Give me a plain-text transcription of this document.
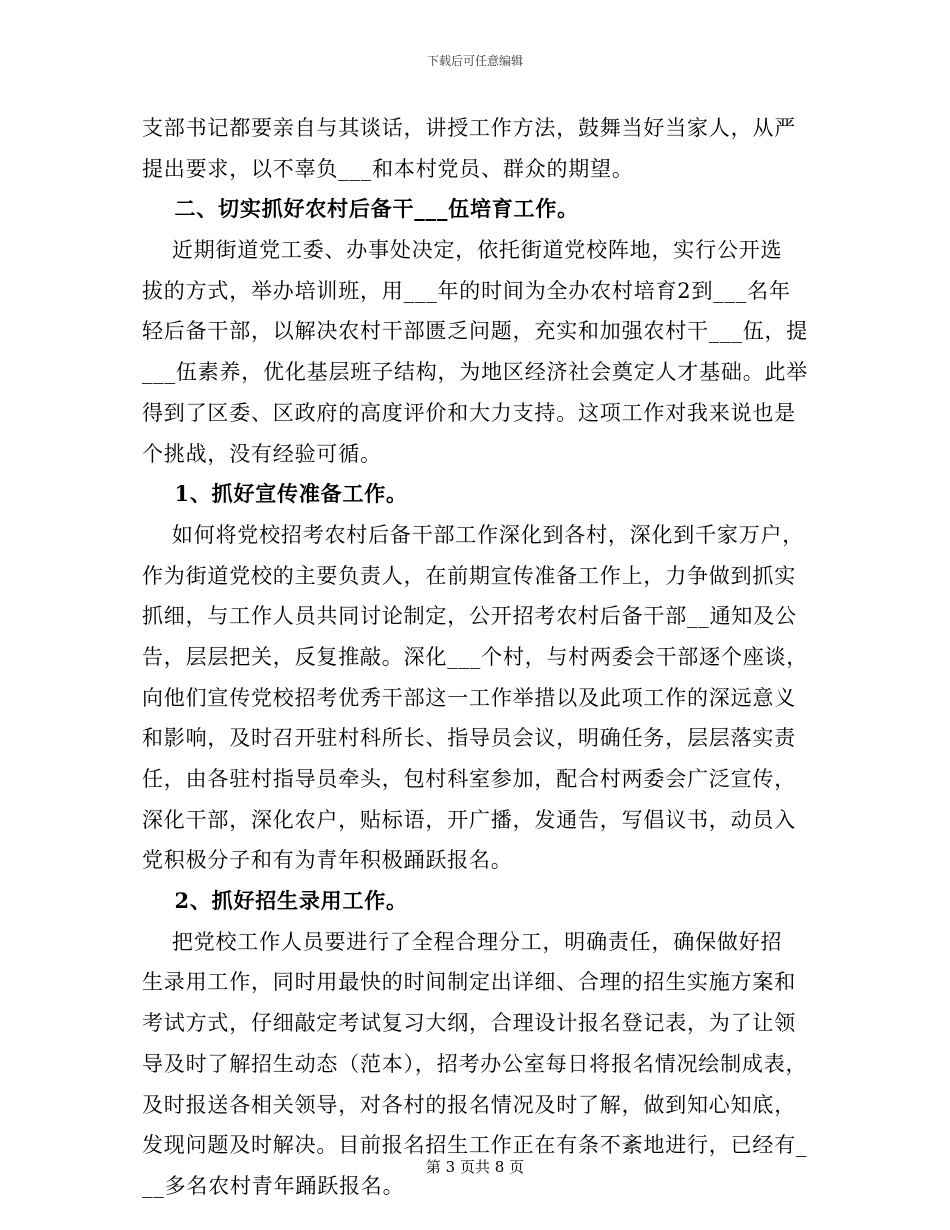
下载后可任意编辑
支部书记都要亲自与其谈话，讲授工作方法，鼓舞当好当家人，从严
提出要求，以不辜负___和本村党员、群众的期望。
二、切实抓好农村后备干___伍培育工作。
近期街道党工委、办事处决定，依托街道党校阵地，实行公开选
拔的方式，举办培训班，用___年的时间为全办农村培育2到___名年
轻后备干部，以解决农村干部匮乏问题，充实和加强农村干___伍，提
___伍素养，优化基层班子结构，为地区经济社会奠定人才基础。此举
得到了区委、区政府的高度评价和大力支持。这项工作对我来说也是
个挑战，没有经验可循。
1、抓好宣传准备工作。
如何将党校招考农村后备干部工作深化到各村，深化到千家万户，
作为街道党校的主要负责人，在前期宣传准备工作上，力争做到抓实
抓细，与工作人员共同讨论制定，公开招考农村后备干部__通知及公
告，层层把关，反复推敲。深化___个村，与村两委会干部逐个座谈，
向他们宣传党校招考优秀干部这一工作举措以及此项工作的深远意义
和影响，及时召开驻村科所长、指导员会议，明确任务，层层落实责
任，由各驻村指导员牵头，包村科室参加，配合村两委会广泛宣传，
深化干部，深化农户，贴标语，开广播，发通告，写倡议书，动员入
党积极分子和有为青年积极踊跃报名。
2、抓好招生录用工作。
把党校工作人员要进行了全程合理分工，明确责任，确保做好招
生录用工作，同时用最快的时间制定出详细、合理的招生实施方案和
考试方式，仔细敲定考试复习大纲，合理设计报名登记表，为了让领
导及时了解招生动态（范本），招考办公室每日将报名情况绘制成表，
及时报送各相关领导，对各村的报名情况及时了解，做到知心知底，
发现问题及时解决。目前报名招生工作正在有条不紊地进行，已经有_
__多名农村青年踊跃报名。
第 3 页共 8 页
